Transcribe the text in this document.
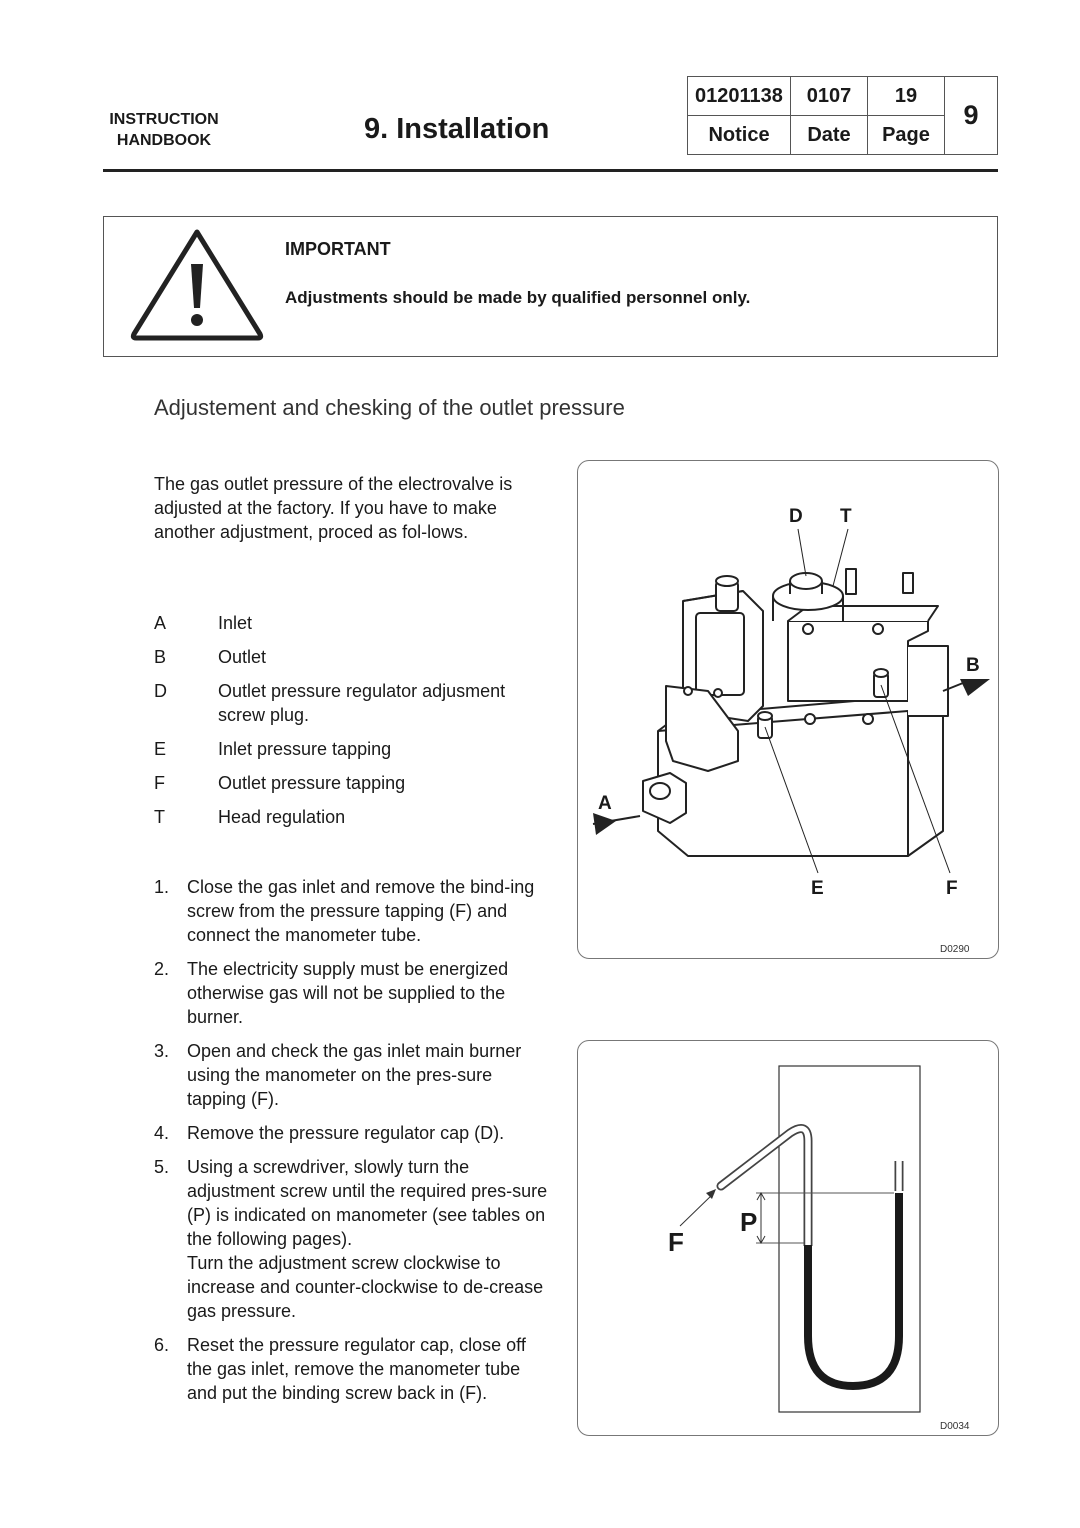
INSTRUCTION
HANDBOOK	9. Installation
01201138	0107	19	9
Notice	Date	Page	
IMPORTANT
Adjustments should be made by qualified personnel only.
Adjustement and chesking of the outlet pressure
The gas outlet pressure of the electrovalve is adjusted at the factory. If you have to make another adjustment, proced as fol-lows.
A	Inlet
B	Outlet
D	Outlet pressure regulator adjusment screw plug.
E	Inlet pressure tapping
F	Outlet pressure tapping
T	Head regulation
1. Close the gas inlet and remove the bind-ing screw from the pressure tapping (F) and connect the manometer tube.
2. The electricity supply must be energized otherwise gas will not be supplied to the burner.
3. Open and check the gas inlet main burner using the manometer on the pres-sure tapping (F).
4. Remove the pressure regulator cap (D).
5. Using a screwdriver, slowly turn the adjustment screw until the required pres-sure (P) is indicated on manometer (see tables on the following pages).
Turn the adjustment screw clockwise to increase and counter-clockwise to de-crease gas pressure.
6. Reset the pressure regulator cap, close off the gas inlet, remove the manometer tube and put the binding screw back in (F).
D T
B
A
E	F
D0290
F
P
D0034
